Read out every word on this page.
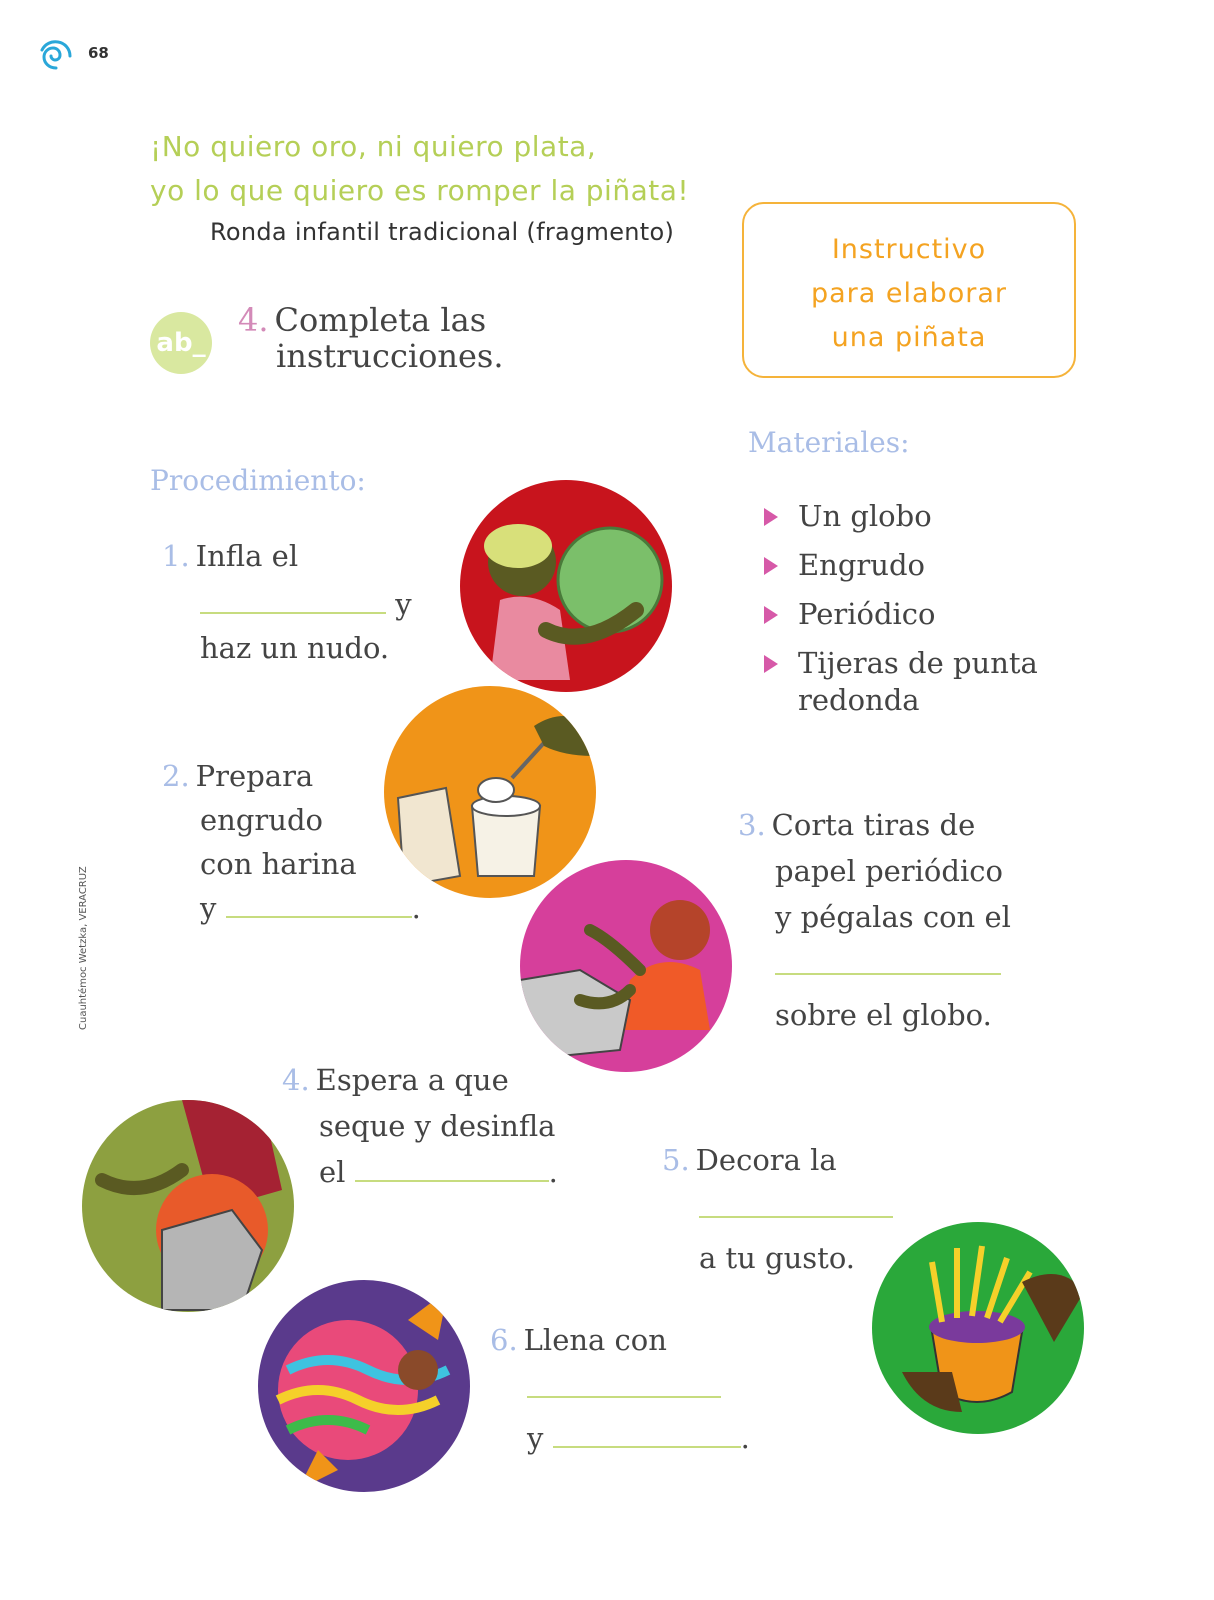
68
¡No quiero oro, ni quiero plata,
yo lo que quiero es romper la piñata!
Ronda infantil tradicional (fragmento)
ab_
4. Completa las
instrucciones.
Instructivo
para elaborar
una piñata
Materiales:
Un globo
Engrudo
Periódico
Tijeras de punta
redonda
Procedimiento:
1. Infla el
y
haz un nudo.
2. Prepara
engrudo
con harina
y	.
3. Corta tiras de
papel periódico
y pégalas con el
sobre el globo.
4. Espera a que
seque y desinfla
el	.	5. Decora la
a tu gusto.
6. Llena con
y	.
Cuauhtémoc Wetzka, VERACRUZ
